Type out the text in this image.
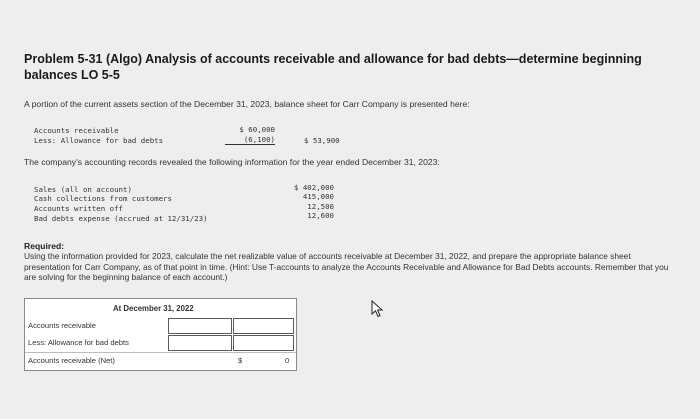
Problem 5-31 (Algo) Analysis of accounts receivable and allowance for bad debts—determine beginning balances LO 5-5
A portion of the current assets section of the December 31, 2023, balance sheet for Carr Company is presented here:
Accounts receivable	$ 60,000
Less: Allowance for bad debts	(6,100)	$ 53,900
The company's accounting records revealed the following information for the year ended December 31, 2023:
Sales (all on account)	$ 402,000
Cash collections from customers	415,000
Accounts written off	12,500
Bad debts expense (accrued at 12/31/23)	12,600
Required:
Using the information provided for 2023, calculate the net realizable value of accounts receivable at December 31, 2022, and prepare the appropriate balance sheet presentation for Carr Company, as of that point in time. (Hint: Use T-accounts to analyze the Accounts Receivable and Allowance for Bad Debts accounts. Remember that you are solving for the beginning balance of each account.)
At December 31, 2022
Accounts receivable
Less: Allowance for bad debts
Accounts receivable (Net)	$	0
